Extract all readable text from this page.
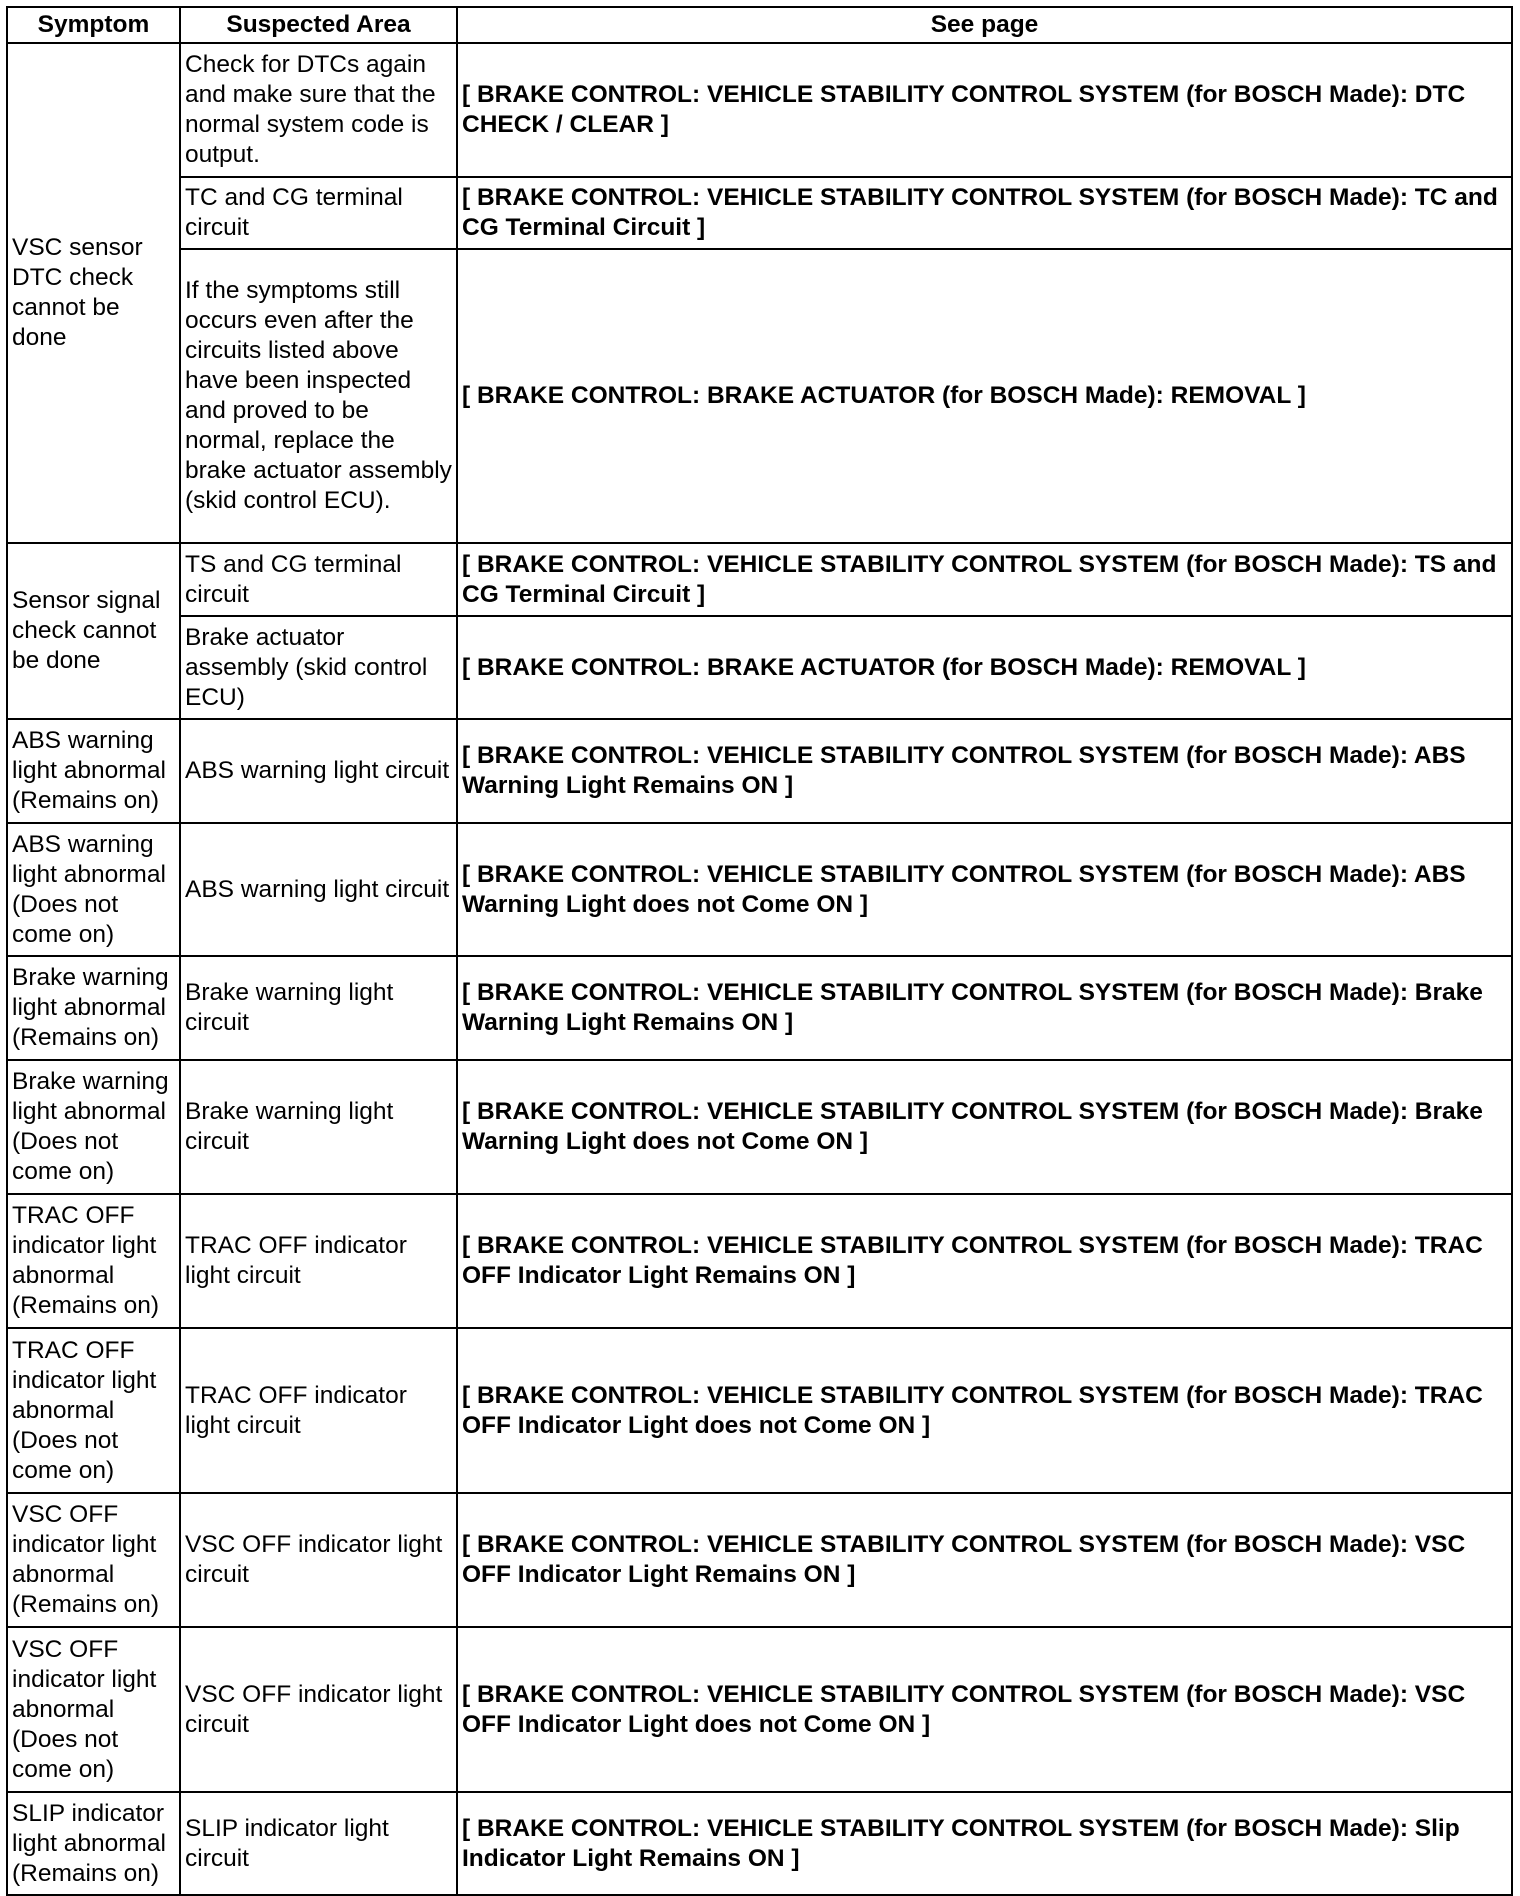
Symptom	Suspected Area	See page
VSC sensor DTC check cannot be done	Check for DTCs again and make sure that the normal system code is output.	[ BRAKE CONTROL: VEHICLE STABILITY CONTROL SYSTEM (for BOSCH Made): DTC CHECK / CLEAR ]
	TC and CG terminal circuit	[ BRAKE CONTROL: VEHICLE STABILITY CONTROL SYSTEM (for BOSCH Made): TC and CG Terminal Circuit ]
	If the symptoms still occurs even after the circuits listed above have been inspected and proved to be normal, replace the brake actuator assembly (skid control ECU).	[ BRAKE CONTROL: BRAKE ACTUATOR (for BOSCH Made): REMOVAL ]
Sensor signal check cannot be done	TS and CG terminal circuit	[ BRAKE CONTROL: VEHICLE STABILITY CONTROL SYSTEM (for BOSCH Made): TS and CG Terminal Circuit ]
	Brake actuator assembly (skid control ECU)	[ BRAKE CONTROL: BRAKE ACTUATOR (for BOSCH Made): REMOVAL ]
ABS warning light abnormal (Remains on)	ABS warning light circuit	[ BRAKE CONTROL: VEHICLE STABILITY CONTROL SYSTEM (for BOSCH Made): ABS Warning Light Remains ON ]
ABS warning light abnormal (Does not come on)	ABS warning light circuit	[ BRAKE CONTROL: VEHICLE STABILITY CONTROL SYSTEM (for BOSCH Made): ABS Warning Light does not Come ON ]
Brake warning light abnormal (Remains on)	Brake warning light circuit	[ BRAKE CONTROL: VEHICLE STABILITY CONTROL SYSTEM (for BOSCH Made): Brake Warning Light Remains ON ]
Brake warning light abnormal (Does not come on)	Brake warning light circuit	[ BRAKE CONTROL: VEHICLE STABILITY CONTROL SYSTEM (for BOSCH Made): Brake Warning Light does not Come ON ]
TRAC OFF indicator light abnormal (Remains on)	TRAC OFF indicator light circuit	[ BRAKE CONTROL: VEHICLE STABILITY CONTROL SYSTEM (for BOSCH Made): TRAC OFF Indicator Light Remains ON ]
TRAC OFF indicator light abnormal (Does not come on)	TRAC OFF indicator light circuit	[ BRAKE CONTROL: VEHICLE STABILITY CONTROL SYSTEM (for BOSCH Made): TRAC OFF Indicator Light does not Come ON ]
VSC OFF indicator light abnormal (Remains on)	VSC OFF indicator light circuit	[ BRAKE CONTROL: VEHICLE STABILITY CONTROL SYSTEM (for BOSCH Made): VSC OFF Indicator Light Remains ON ]
VSC OFF indicator light abnormal (Does not come on)	VSC OFF indicator light circuit	[ BRAKE CONTROL: VEHICLE STABILITY CONTROL SYSTEM (for BOSCH Made): VSC OFF Indicator Light does not Come ON ]
SLIP indicator light abnormal (Remains on)	SLIP indicator light circuit	[ BRAKE CONTROL: VEHICLE STABILITY CONTROL SYSTEM (for BOSCH Made): Slip Indicator Light Remains ON ]
